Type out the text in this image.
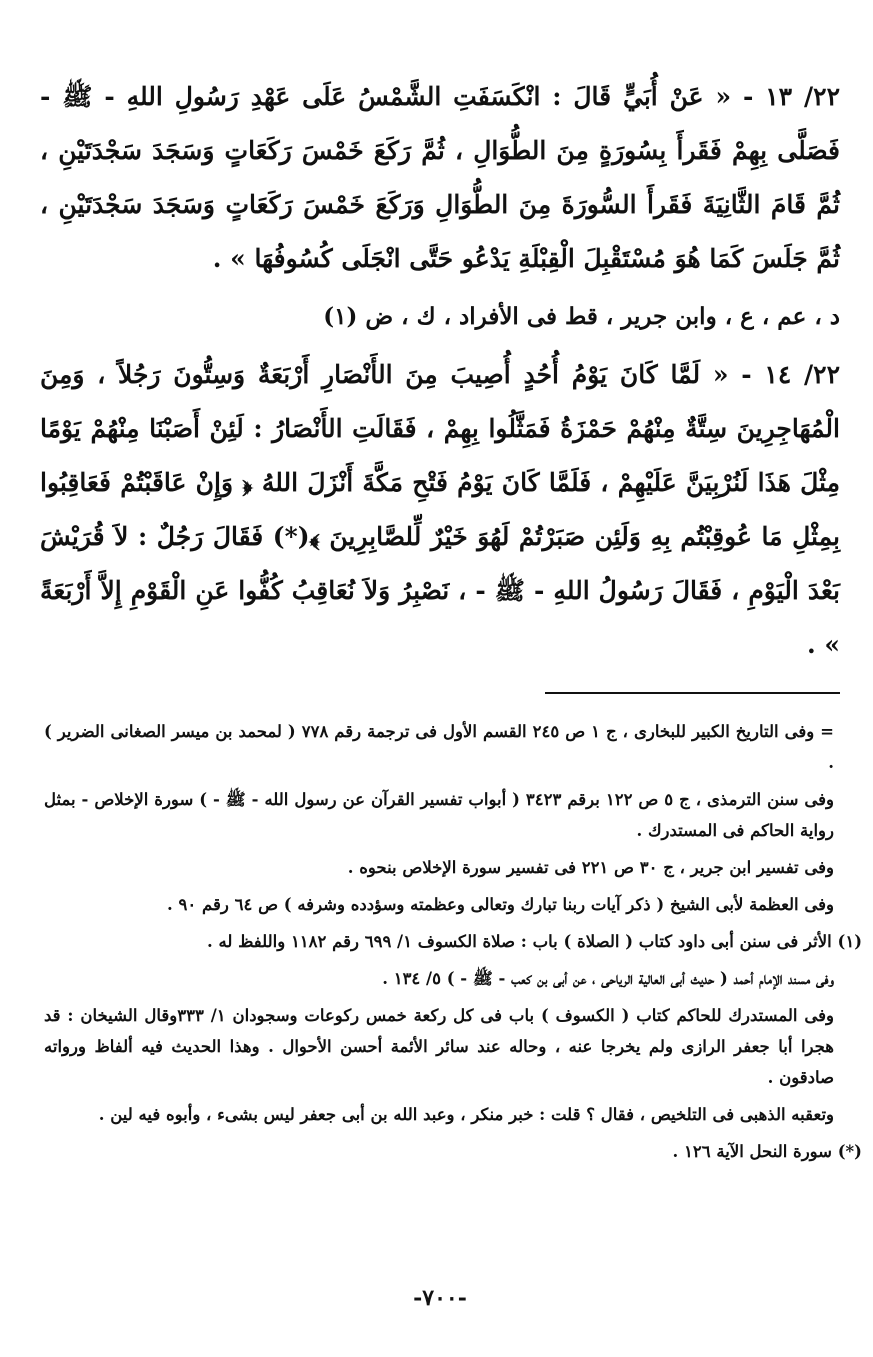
٢٢/ ١٣ - « عَنْ أُبَيٍّ قَالَ : انْكَسَفَتِ الشَّمْسُ عَلَى عَهْدِ رَسُولِ اللهِ - ﷺ - فَصَلَّى بِهِمْ فَقَرأَ بِسُورَةٍ مِنَ الطُّوَالِ ، ثُمَّ رَكَعَ خَمْسَ رَكَعَاتٍ وَسَجَدَ سَجْدَتَيْنِ ، ثُمَّ قَامَ الثَّانِيَةَ فَقَرأَ السُّورَةَ مِنَ الطُّوَالِ وَرَكَعَ خَمْسَ رَكَعَاتٍ وَسَجَدَ سَجْدَتَيْنِ ، ثُمَّ جَلَسَ كَمَا هُوَ مُسْتَقْبِلَ الْقِبْلَةِ يَدْعُو حَتَّى انْجَلَى كُسُوفُهَا » .

د ، عم ، ع ، وابن جرير ، قط فى الأفراد ، ك ، ض (١)

٢٢/ ١٤ - « لَمَّا كَانَ يَوْمُ أُحُدٍ أُصِيبَ مِنَ الأَنْصَارِ أَرْبَعَةٌ وَسِتُّونَ رَجُلاً ، وَمِنَ الْمُهَاجِرِينَ سِتَّةٌ مِنْهُمْ حَمْزَةُ فَمَثَّلُوا بِهِمْ ، فَقَالَتِ الأَنْصَارُ : لَئِنْ أَصَبْنَا مِنْهُمْ يَوْمًا مِثْلَ هَذَا لَنُرْبِيَنَّ عَلَيْهِمْ ، فَلَمَّا كَانَ يَوْمُ فَتْحِ مَكَّةَ أَنْزَلَ اللهُ ﴿ وَإِنْ عَاقَبْتُمْ فَعَاقِبُوا بِمِثْلِ مَا عُوقِبْتُم بِهِ وَلَئِن صَبَرْتُمْ لَهُوَ خَيْرٌ لِّلصَّابِرِينَ ﴾(*) فَقَالَ رَجُلٌ : لاَ قُرَيْشَ بَعْدَ الْيَوْمِ ، فَقَالَ رَسُولُ اللهِ - ﷺ - ، نَصْبِرُ وَلاَ نُعَاقِبُ كُفُّوا عَنِ الْقَوْمِ إِلاَّ أَرْبَعَةً » .

= وفى التاريخ الكبير للبخارى ، ج ١ ص ٢٤٥ القسم الأول فى ترجمة رقم ٧٧٨ ( لمحمد بن ميسر الصغانى الضرير ) .

وفى سنن الترمذى ، ج ٥ ص ١٢٢ برقم ٣٤٢٣ ( أبواب تفسير القرآن عن رسول الله - ﷺ - ) سورة الإخلاص - بمثل رواية الحاكم فى المستدرك .

وفى تفسير ابن جرير ، ج ٣٠ ص ٢٢١ فى تفسير سورة الإخلاص بنحوه .

وفى العظمة لأبى الشيخ ( ذكر آيات ربنا تبارك وتعالى وعظمته وسؤدده وشرفه ) ص ٦٤ رقم ٩٠ .

(١) الأثر فى سنن أبى داود كتاب ( الصلاة ) باب : صلاة الكسوف ١/ ٦٩٩ رقم ١١٨٢ واللفظ له .

وفى مسند الإمام أحمد ( حديث أبى العالية الرياحى ، عن أبى بن كعب - ﷺ - ) ٥/ ١٣٤ .

وفى المستدرك للحاكم كتاب ( الكسوف ) باب فى كل ركعة خمس ركوعات وسجودان ١/ ٣٣٣وقال الشيخان : قد هجرا أبا جعفر الرازى ولم يخرجا عنه ، وحاله عند سائر الأئمة أحسن الأحوال . وهذا الحديث فيه ألفاظ ورواته صادقون .

وتعقبه الذهبى فى التلخيص ، فقال ؟ قلت : خبر منكر ، وعبد الله بن أبى جعفر ليس بشىء ، وأبوه فيه لين .

(*) سورة النحل الآية ١٢٦ .

-٧٠٠-
